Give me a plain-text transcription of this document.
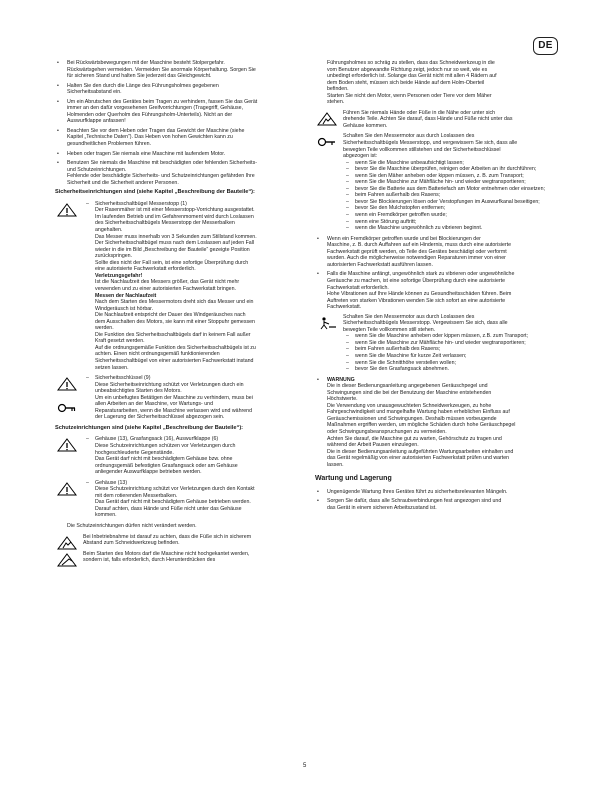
DE
• Bei Rückwärtsbewegungen mit der Maschine besteht Stolpergefahr.
Rückwärtsgehen vermeiden. Vermeiden Sie anormale Körperhaltung. Sorgen Sie
für sicheren Stand und halten Sie jederzeit das Gleichgewicht.
• Halten Sie den durch die Länge des Führungsholmes gegebenen
Sicherheitsabstand ein.
• Um ein Abrutschen des Gerätes beim Tragen zu verhindern, fassen Sie das Gerät
immer an den dafür vorgesehenen Greifvorrichtungen (Tragegriff, Gehäuse,
Holmenden oder Querholm des Führungsholm-Unterteils). Nicht an der
Auswurfklappe anfassen!
• Beachten Sie vor dem Heben oder Tragen das Gewicht der Maschine (siehe
Kapitel „Technische Daten“). Das Heben von hohen Gewichten kann zu
gesundheitlichen Problemen führen.
• Heben oder tragen Sie niemals eine Maschine mit laufendem Motor.
• Benutzen Sie niemals die Maschine mit beschädigten oder fehlenden Sicherheits-
und Schutzeinrichtungen.
Fehlende oder beschädigte Sicherheits- und Schutzeinrichtungen gefährden Ihre
Sicherheit und die Sicherheit anderer Personen.
Sicherheitseinrichtungen sind (siehe Kapitel „Beschreibung der Bauteile“):
– Sicherheitsschaltbügel Messerstopp (1)
Der Rasenmäher ist mit einer Messerstopp-Vorrichtung ausgestattet.
Im laufenden Betrieb und im Gefahrenmoment wird durch Loslassen
des Sicherheitsschaltbügels Messerstopp der Messerbalken
angehalten.
Das Messer muss innerhalb von 3 Sekunden zum Stillstand kommen.
Der Sicherheitsschaltbügel muss nach dem Loslassen auf jeden Fall
wieder in die im Bild „Beschreibung der Bauteile“ gezeigte Position
zurückspringen.
Sollte dies nicht der Fall sein, ist eine sofortige Überprüfung durch
eine autorisierte Fachwerkstatt erforderlich.
Verletzungsgefahr!
Ist die Nachlaufzeit des Messers größer, das Gerät nicht mehr
verwenden und zu einer autorisierten Fachwerkstatt bringen.
Messen der Nachlaufzeit
Nach dem Starten des Messermotors dreht sich das Messer und ein
Windgeräusch ist hörbar.
Die Nachlaufzeit entspricht der Dauer des Windgeräusches nach
dem Ausschalten des Motors, sie kann mit einer Stoppuhr gemessen
werden.
Die Funktion des Sicherheitsschaltbügels darf in keinem Fall außer
Kraft gesetzt werden.
Auf die ordnungsgemäße Funktion des Sicherheitsschaltbügels ist zu
achten. Einen nicht ordnungsgemäß funktionierenden
Sicherheitsschaltbügel von einer autorisierten Fachwerkstatt instand
setzen lassen.
– Sicherheitsschlüssel (9)
Diese Sicherheitseinrichtung schützt vor Verletzungen durch ein
unbeabsichtigtes Starten des Motors.
Um ein unbefugtes Betätigen der Maschine zu verhindern, muss bei
allen Arbeiten an der Maschine, vor Wartungs- und
Reparaturarbeiten, wenn die Maschine verlassen wird und während
der Lagerung der Sicherheitsschlüssel abgezogen sein.
Schutzeinrichtungen sind (siehe Kapitel „Beschreibung der Bauteile“):
– Gehäuse (13), Grasfangsack (16), Auswurfklappe (6)
Diese Schutzeinrichtungen schützen vor Verletzungen durch
hochgeschleuderte Gegenstände.
Das Gerät darf nicht mit beschädigtem Gehäuse bzw. ohne
ordnungsgemäß befestigten Grasfangsack oder am Gehäuse
anliegender Auswurfklappe betrieben werden.
– Gehäuse (13)
Diese Schutzeinrichtung schützt vor Verletzungen durch den Kontakt
mit dem rotierenden Messerbalken.
Das Gerät darf nicht mit beschädigtem Gehäuse betrieben werden.
Darauf achten, dass Hände und Füße nicht unter das Gehäuse
kommen.
Die Schutzeinrichtungen dürfen nicht verändert werden.
Bei Inbetriebnahme ist darauf zu achten, dass die Füße sich in sicherem
Abstand zum Schneidwerkzeug befinden.
Beim Starten des Motors darf die Maschine nicht hochgekantet werden,
sondern ist, falls erforderlich, durch Herunterdrücken des
Führungsholmes so schräg zu stellen, dass das Schneidwerkzeug in die
vom Benutzer abgewandte Richtung zeigt, jedoch nur so weit, wie es
unbedingt erforderlich ist. Solange das Gerät nicht mit allen 4 Rädern auf
dem Boden steht, müssen sich beide Hände auf dem Holm-Oberteil
befinden.
Starten Sie nicht den Motor, wenn Personen oder Tiere vor dem Mäher
stehen.
Führen Sie niemals Hände oder Füße in die Nähe oder unter sich
drehende Teile. Achten Sie darauf, dass Hände und Füße nicht unter das
Gehäuse kommen.
Schalten Sie den Messermotor aus durch Loslassen des
Sicherheitsschaltbügels Messerstopp, und vergewissern Sie sich, dass alle
bewegten Teile vollkommen stillstehen und der Sicherheitsschlüssel
abgezogen ist:
– wenn Sie die Maschine unbeaufsichtigt lassen;
– bevor Sie die Maschine überprüfen, reinigen oder Arbeiten an ihr durchführen;
– wenn Sie den Mäher anheben oder kippen müssen, z. B. zum Transport;
– wenn Sie die Maschine zur Mähfläche hin- und wieder wegtransportieren;
– bevor Sie die Batterie aus dem Batteriefach am Motor entnehmen oder einsetzen;
– beim Fahren außerhalb des Rasens;
– bevor Sie Blockierungen lösen oder Verstopfungen im Auswurfkanal beseitigen;
– bevor Sie den Mulchstopfen entfernen;
– wenn ein Fremdkörper getroffen wurde;
– wenn eine Störung auftritt;
– wenn die Maschine ungewöhnlich zu vibrieren beginnt.
• Wenn ein Fremdkörper getroffen wurde und bei Blockierungen der
Maschine, z. B. durch Auffahren auf ein Hindernis, muss durch eine autorisierte
Fachwerkstatt geprüft werden, ob Teile des Gerätes beschädigt oder verformt
wurden. Auch die möglicherweise notwendigen Reparaturen immer von einer
autorisierten Fachwerkstatt ausführen lassen.
• Falls die Maschine anfängt, ungewöhnlich stark zu vibrieren oder ungewöhnliche
Geräusche zu machen, ist eine sofortige Überprüfung durch eine autorisierte
Fachwerkstatt erforderlich.
Hohe Vibrationen auf Ihre Hände können zu Gesundheitsschäden führen. Beim
Auftreten von starken Vibrationen wenden Sie sich sofort an eine autorisierte
Fachwerkstatt.
Schalten Sie den Messermotor aus durch Loslassen des
Sicherheitsschaltbügels Messerstopp. Vergewissern Sie sich, dass alle
bewegten Teile vollkommen still stehen.
– wenn Sie die Maschine anheben oder kippen müssen, z.B. zum Transport;
– wenn Sie die Maschine zur Mähfläche hin- und wieder wegtransportieren;
– beim Fahren außerhalb des Rasens;
– wenn Sie die Maschine für kurze Zeit verlassen;
– wenn Sie die Schnitthöhe verstellen wollen;
– bevor Sie den Grasfangsack abnehmen.
• WARNUNG
Die in dieser Bedienungsanleitung angegebenen Geräuschpegel und
Schwingungen sind die bei der Benutzung der Maschine entstehenden
Höchstwerte.
Die Verwendung von unausgewuchteten Schneidwerkzeugen, zu hohe
Fahrgeschwindigkeit und mangelhafte Wartung haben erheblichen Einfluss auf
Geräuschemissionen und Schwingungen. Deshalb müssen vorbeugende
Maßnahmen ergriffen werden, um mögliche Schäden durch hohe Geräuschpegel
oder Schwingungsbeanspruchungen zu vermeiden.
Achten Sie darauf, die Maschine gut zu warten, Gehörschutz zu tragen und
während der Arbeit Pausen einzulegen.
Die in dieser Bedienungsanleitung aufgeführten Wartungsarbeiten einhalten und
das Gerät regelmäßig von einer autorisierten Fachwerkstatt prüfen und warten
lassen.
Wartung und Lagerung
• Ungenügende Wartung Ihres Gerätes führt zu sicherheitsrelevanten Mängeln.
• Sorgen Sie dafür, dass alle Schraubverbindungen fest angezogen sind und
das Gerät in einem sicheren Arbeitszustand ist.
5
